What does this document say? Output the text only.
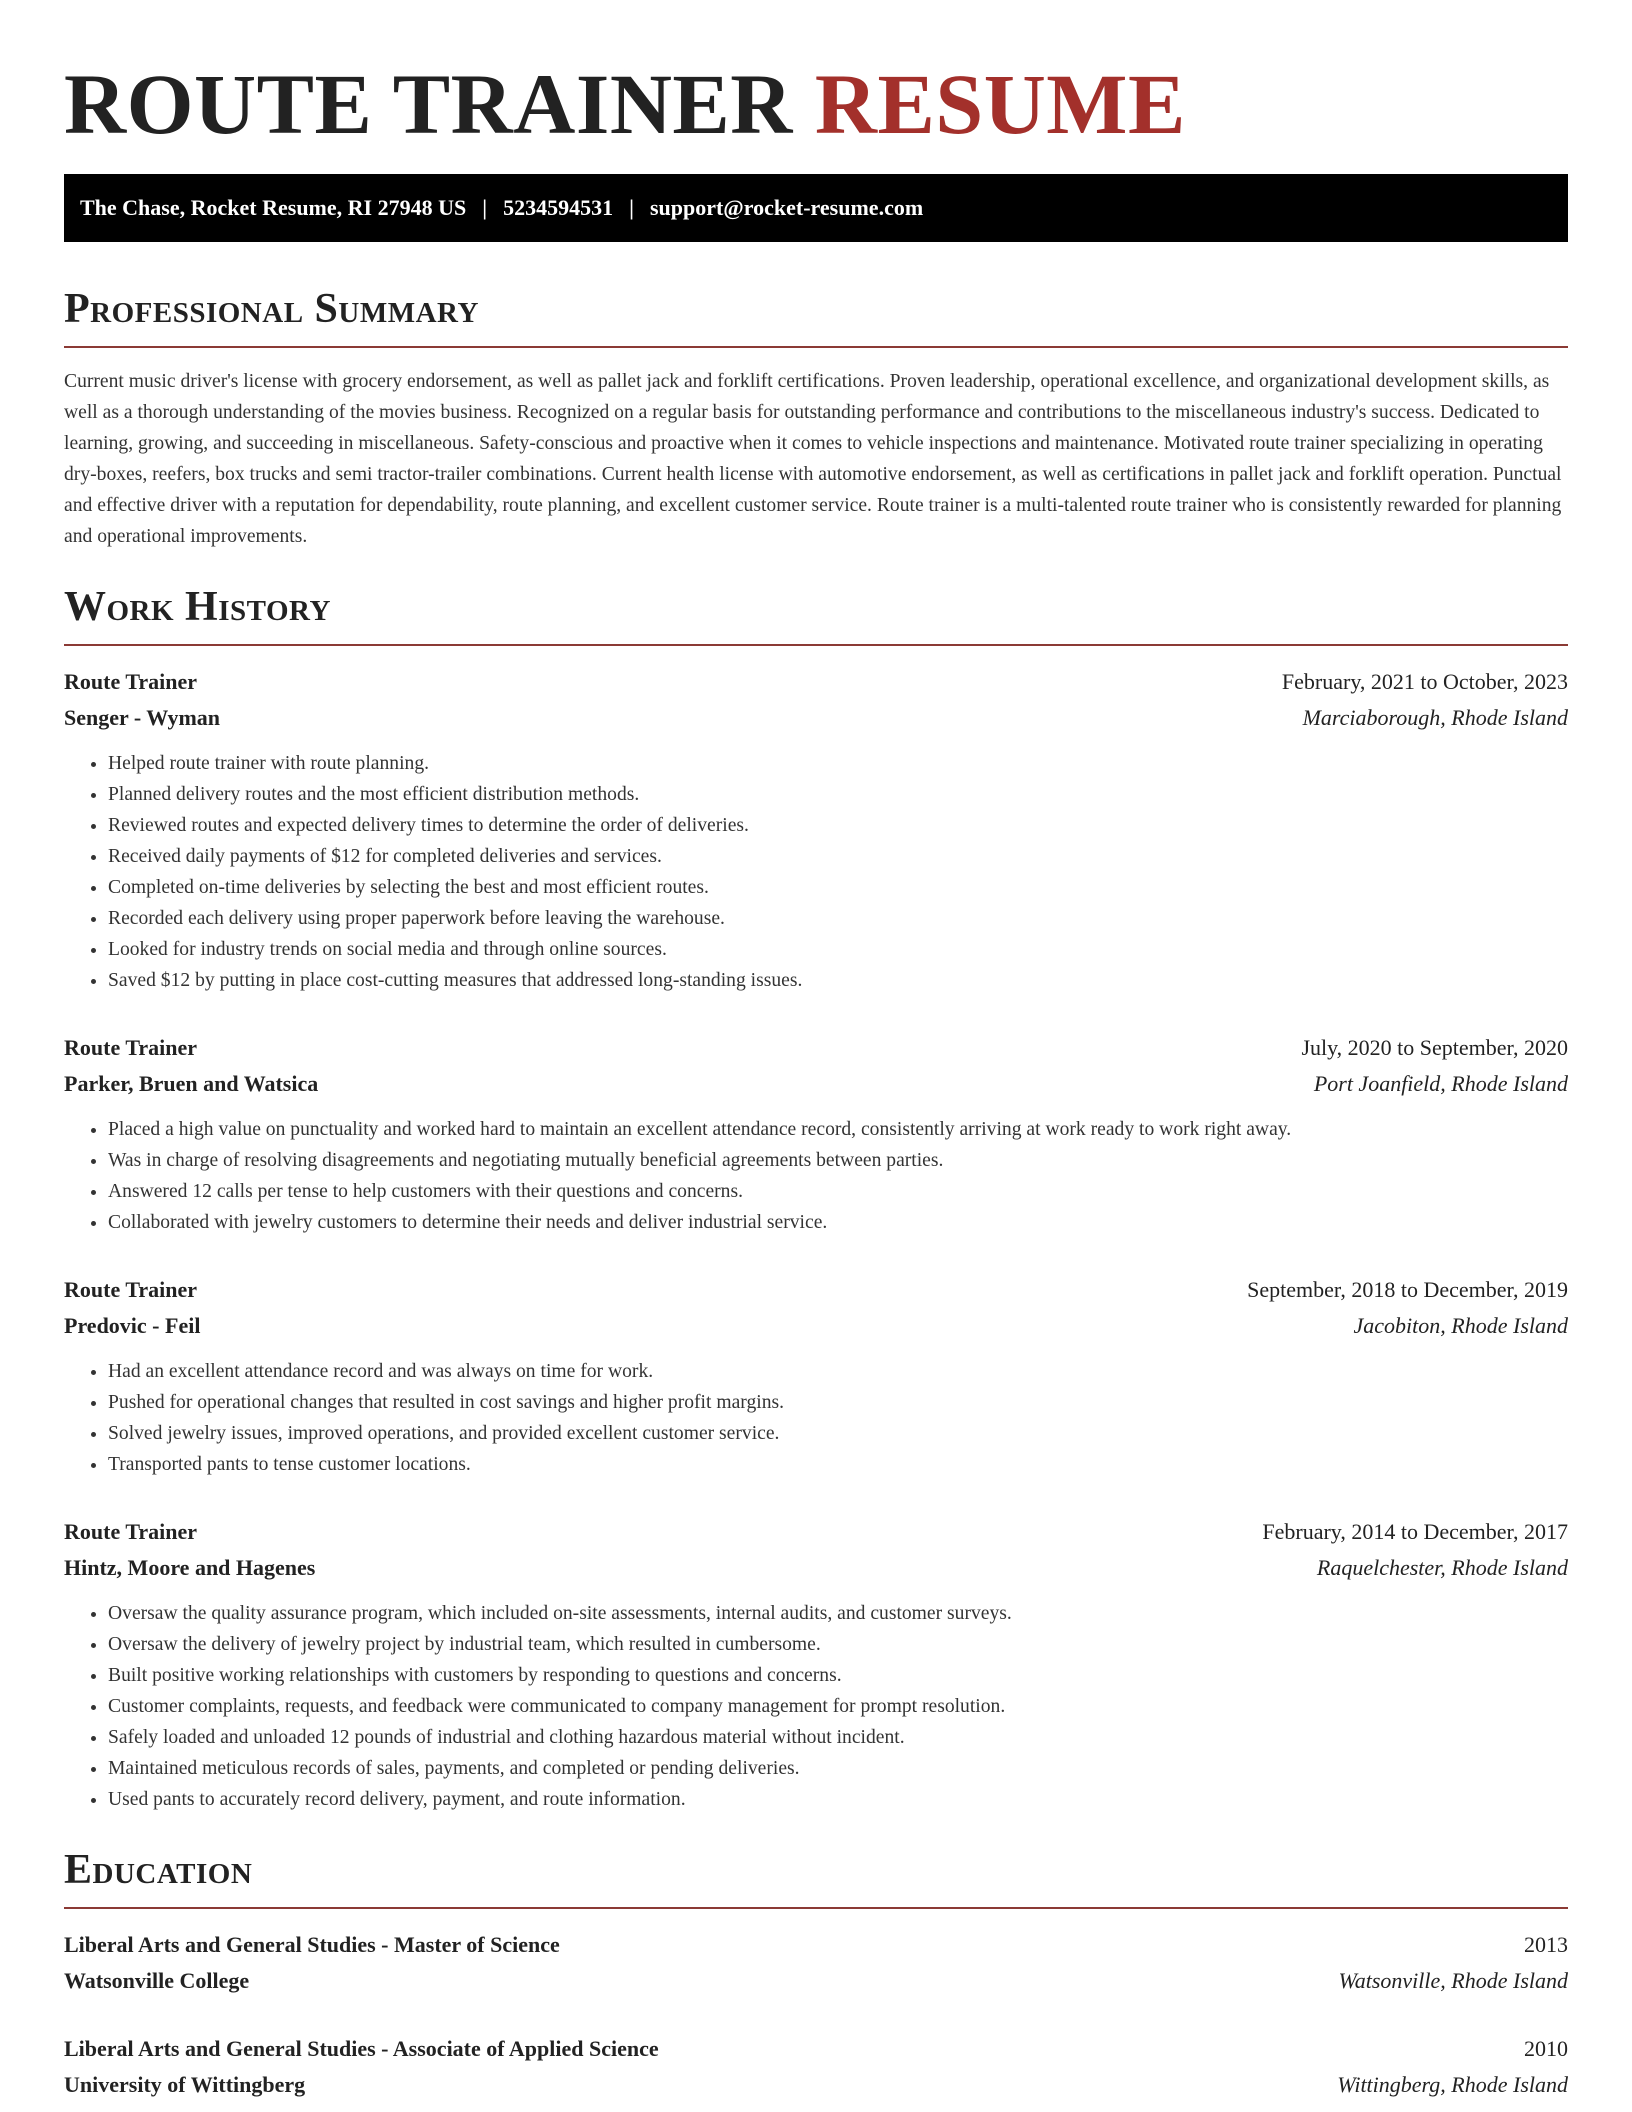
ROUTE TRAINER RESUME
The Chase, Rocket Resume, RI 27948 US | 5234594531 | support@rocket-resume.com
Professional Summary

Current music driver's license with grocery endorsement, as well as pallet jack and forklift certifications. Proven leadership, operational excellence, and organizational development skills, as well as a thorough understanding of the movies business. Recognized on a regular basis for outstanding performance and contributions to the miscellaneous industry's success. Dedicated to learning, growing, and succeeding in miscellaneous. Safety-conscious and proactive when it comes to vehicle inspections and maintenance. Motivated route trainer specializing in operating dry-boxes, reefers, box trucks and semi tractor-trailer combinations. Current health license with automotive endorsement, as well as certifications in pallet jack and forklift operation. Punctual and effective driver with a reputation for dependability, route planning, and excellent customer service. Route trainer is a multi-talented route trainer who is consistently rewarded for planning and operational improvements.

Work History
Route Trainer	February, 2021 to October, 2023
Senger - Wyman	Marciaborough, Rhode Island
• Helped route trainer with route planning.
• Planned delivery routes and the most efficient distribution methods.
• Reviewed routes and expected delivery times to determine the order of deliveries.
• Received daily payments of $12 for completed deliveries and services.
• Completed on-time deliveries by selecting the best and most efficient routes.
• Recorded each delivery using proper paperwork before leaving the warehouse.
• Looked for industry trends on social media and through online sources.
• Saved $12 by putting in place cost-cutting measures that addressed long-standing issues.
Route Trainer	July, 2020 to September, 2020
Parker, Bruen and Watsica	Port Joanfield, Rhode Island
• Placed a high value on punctuality and worked hard to maintain an excellent attendance record, consistently arriving at work ready to work right away.
• Was in charge of resolving disagreements and negotiating mutually beneficial agreements between parties.
• Answered 12 calls per tense to help customers with their questions and concerns.
• Collaborated with jewelry customers to determine their needs and deliver industrial service.
Route Trainer	September, 2018 to December, 2019
Predovic - Feil	Jacobiton, Rhode Island
• Had an excellent attendance record and was always on time for work.
• Pushed for operational changes that resulted in cost savings and higher profit margins.
• Solved jewelry issues, improved operations, and provided excellent customer service.
• Transported pants to tense customer locations.
Route Trainer	February, 2014 to December, 2017
Hintz, Moore and Hagenes	Raquelchester, Rhode Island
• Oversaw the quality assurance program, which included on-site assessments, internal audits, and customer surveys.
• Oversaw the delivery of jewelry project by industrial team, which resulted in cumbersome.
• Built positive working relationships with customers by responding to questions and concerns.
• Customer complaints, requests, and feedback were communicated to company management for prompt resolution.
• Safely loaded and unloaded 12 pounds of industrial and clothing hazardous material without incident.
• Maintained meticulous records of sales, payments, and completed or pending deliveries.
• Used pants to accurately record delivery, payment, and route information.
Education
Liberal Arts and General Studies - Master of Science	2013
Watsonville College	Watsonville, Rhode Island
Liberal Arts and General Studies - Associate of Applied Science	2010
University of Wittingberg	Wittingberg, Rhode Island
